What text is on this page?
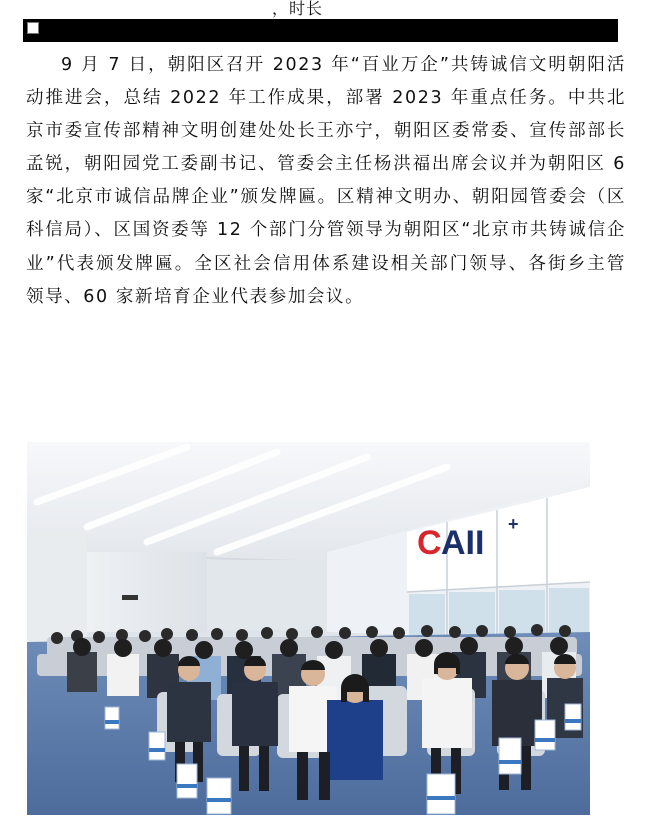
，时长

9 月 7 日，朝阳区召开 2023 年“百业万企”共铸诚信文明朝阳活动推进会，总结 2022 年工作成果，部署 2023 年重点任务。中共北京市委宣传部精神文明创建处处长王亦宁，朝阳区委常委、宣传部部长孟锐，朝阳园党工委副书记、管委会主任杨洪福出席会议并为朝阳区 6 家“北京市诚信品牌企业”颁发牌匾。区精神文明办、朝阳园管委会（区科信局）、区国资委等 12 个部门分管领导为朝阳区“北京市共铸诚信企业”代表颁发牌匾。全区社会信用体系建设相关部门领导、各街乡主管领导、60 家新培育企业代表参加会议。

C AII +
